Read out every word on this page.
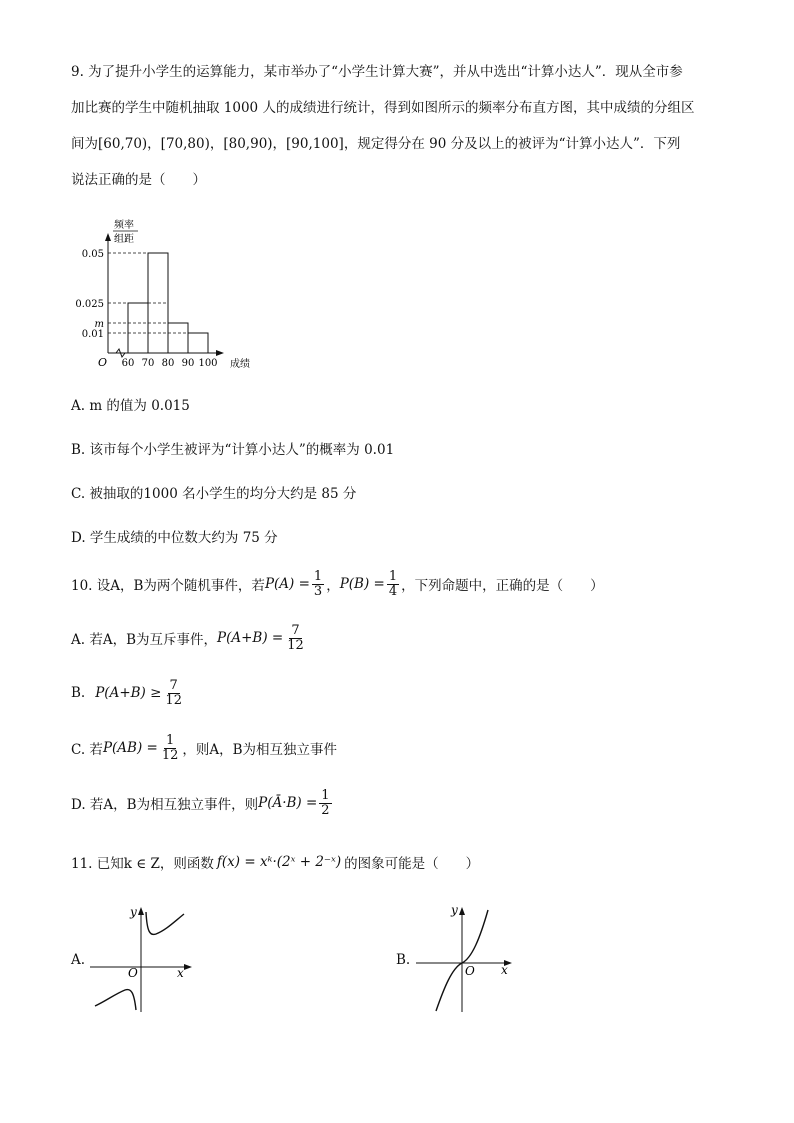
9. 为了提升小学生的运算能力，某市举办了“小学生计算大赛”，并从中选出“计算小达人”．现从全市参
加比赛的学生中随机抽取 1000 人的成绩进行统计，得到如图所示的频率分布直方图，其中成绩的分组区
间为[60,70)，[70,80)，[80,90)，[90,100]，规定得分在 90 分及以上的被评为“计算小达人”．下列
说法正确的是（　　）
频率
组距
0.05
0.025
m
0.01
60 70 80 90 100 成绩
O
A. m 的值为 0.015
B. 该市每个小学生被评为“计算小达人”的概率为 0.01
C. 被抽取的1000 名小学生的均分大约是 85 分
D. 学生成绩的中位数大约为 75 分
10. 设A，B为两个随机事件，若 $P(A) = \frac{1}{3}$ ， $P(B) = \frac{1}{4}$ ，下列命题中，正确的是（　　）
A. 若A，B为互斥事件， $P(A+B) = \frac{7}{12}$
B. $P(A+B) \ge \frac{7}{12}$
C. 若 $P(AB) = \frac{1}{12}$ ，则A，B为相互独立事件
D. 若A，B为相互独立事件，则 P(Ā·B) = $\frac{1}{2}$
11. 已知k ∈ Z，则函数 f(x) = xᵏ·(2ˣ + 2⁻ˣ) 的图象可能是（　　）
A.
y
x
O
B.
y
x
O
